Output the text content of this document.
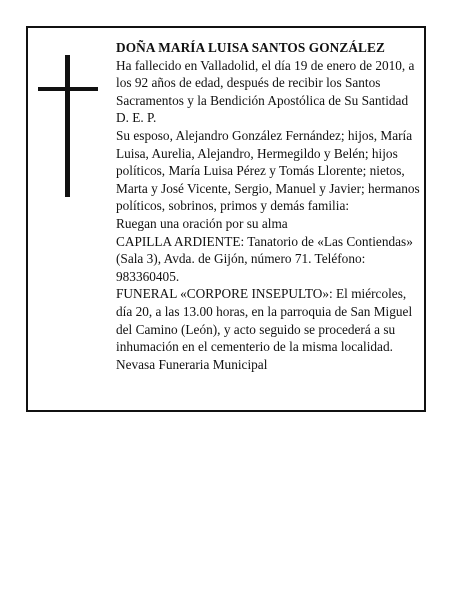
DOÑA MARÍA LUISA SANTOS GONZÁLEZ

Ha fallecido en Valladolid, el día 19 de enero de 2010, a los 92 años de edad, después de recibir los Santos Sacramentos y la Bendición Apostólica de Su Santidad

D. E. P.

Su esposo, Alejandro González Fernández; hijos, María Luisa, Aurelia, Alejandro, Hermegildo y Belén; hijos políticos, María Luisa Pérez y Tomás Llorente; nietos, Marta y José Vicente, Sergio, Manuel y Javier; hermanos políticos, sobrinos, primos y demás familia:

Ruegan una oración por su alma

CAPILLA ARDIENTE: Tanatorio de «Las Contiendas» (Sala 3), Avda. de Gijón, número 71. Teléfono: 983360405.

FUNERAL «CORPORE INSEPULTO»: El miércoles, día 20, a las 13.00 horas, en la parroquia de San Miguel del Camino (León), y acto seguido se procederá a su inhumación en el cementerio de la misma localidad.

Nevasa Funeraria Municipal
